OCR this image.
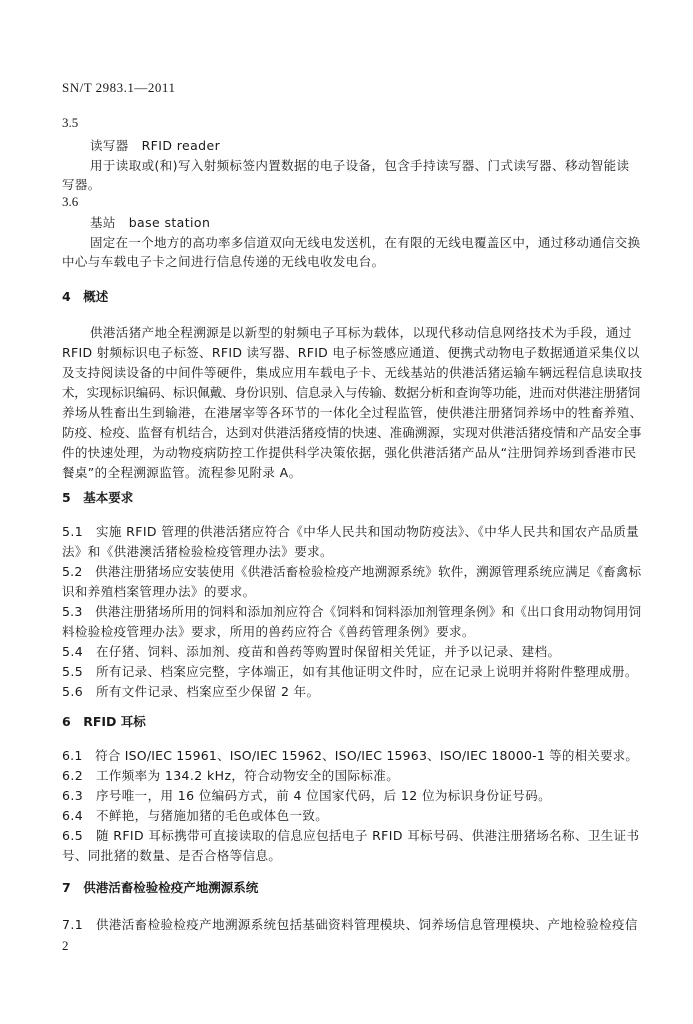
SN/T 2983.1—2011
3.5
读写器　RFID reader
用于读取或(和)写入射频标签内置数据的电子设备，包含手持读写器、门式读写器、移动智能读
写器。
3.6
基站　base station
固定在一个地方的高功率多信道双向无线电发送机，在有限的无线电覆盖区中，通过移动通信交换
中心与车载电子卡之间进行信息传递的无线电收发电台。
4　概述
供港活猪产地全程溯源是以新型的射频电子耳标为载体，以现代移动信息网络技术为手段，通过
RFID 射频标识电子标签、RFID 读写器、RFID 电子标签感应通道、便携式动物电子数据通道采集仪以
及支持阅读设备的中间件等硬件，集成应用车载电子卡、无线基站的供港活猪运输车辆远程信息读取技
术，实现标识编码、标识佩戴、身份识别、信息录入与传输、数据分析和查询等功能，进而对供港注册猪饲
养场从牲畜出生到输港，在港屠宰等各环节的一体化全过程监管，使供港注册猪饲养场中的牲畜养殖、
防疫、检疫、监督有机结合，达到对供港活猪疫情的快速、准确溯源，实现对供港活猪疫情和产品安全事
件的快速处理，为动物疫病防控工作提供科学决策依据，强化供港活猪产品从“注册饲养场到香港市民
餐桌”的全程溯源监管。流程参见附录 A。
5　基本要求
5.1　实施 RFID 管理的供港活猪应符合《中华人民共和国动物防疫法》、《中华人民共和国农产品质量
法》和《供港澳活猪检验检疫管理办法》要求。
5.2　供港注册猪场应安装使用《供港活畜检验检疫产地溯源系统》软件，溯源管理系统应满足《畜禽标
识和养殖档案管理办法》的要求。
5.3　供港注册猪场所用的饲料和添加剂应符合《饲料和饲料添加剂管理条例》和《出口食用动物饲用饲
料检验检疫管理办法》要求，所用的兽药应符合《兽药管理条例》要求。
5.4　在仔猪、饲料、添加剂、疫苗和兽药等购置时保留相关凭证，并予以记录、建档。
5.5　所有记录、档案应完整，字体端正，如有其他证明文件时，应在记录上说明并将附件整理成册。
5.6　所有文件记录、档案应至少保留 2 年。
6　RFID 耳标
6.1　符合 ISO/IEC 15961、ISO/IEC 15962、ISO/IEC 15963、ISO/IEC 18000-1 等的相关要求。
6.2　工作频率为 134.2 kHz，符合动物安全的国际标准。
6.3　序号唯一，用 16 位编码方式，前 4 位国家代码，后 12 位为标识身份证号码。
6.4　不鲜艳，与猪施加猪的毛色或体色一致。
6.5　随 RFID 耳标携带可直接读取的信息应包括电子 RFID 耳标号码、供港注册猪场名称、卫生证书
号、同批猪的数量、是否合格等信息。
7　供港活畜检验检疫产地溯源系统
7.1　供港活畜检验检疫产地溯源系统包括基础资料管理模块、饲养场信息管理模块、产地检验检疫信
2
